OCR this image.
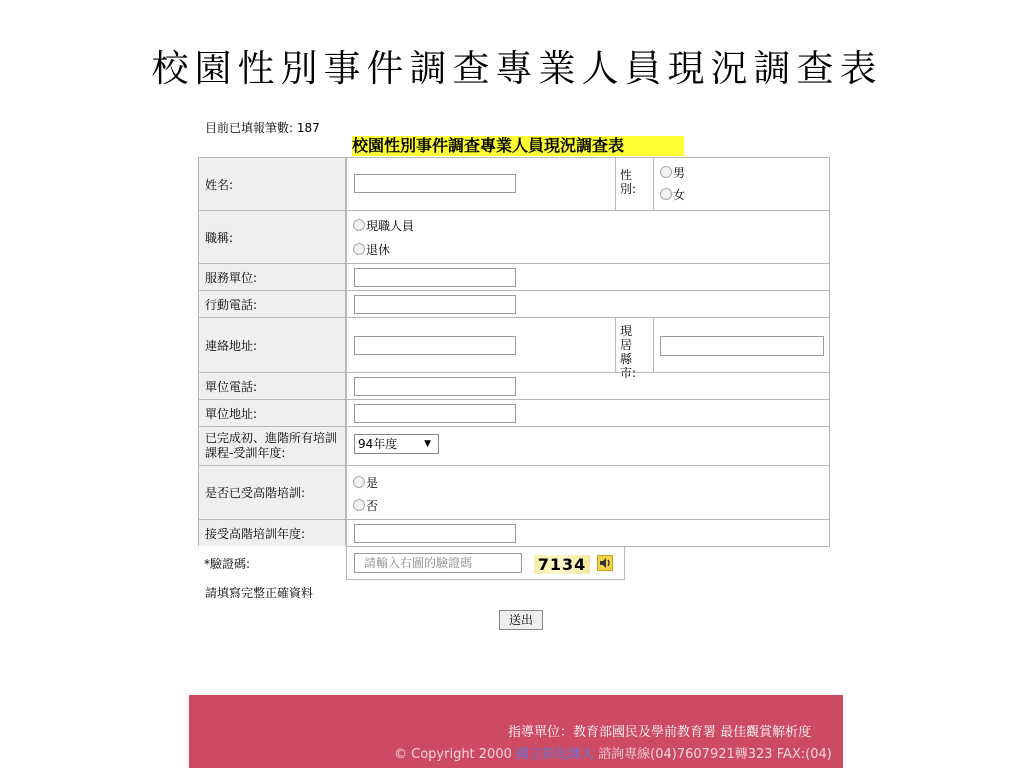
校園性別事件調查專業人員現況調查表
目前已填報筆數: 187
校園性別事件調查專業人員現況調查表
姓名:
性別:
男
女
職稱:
現職人員
退休
服務單位:
行動電話:
連絡地址:
現居縣市:
單位電話:
單位地址:
已完成初、進階所有培訓課程-受訓年度:
94年度	▼
是否已受高階培訓:
是
否
接受高階培訓年度:
*驗證碼:	請輸入右圖的驗證碼	7134
請填寫完整正確資料
送出
指導單位：教育部國民及學前教育署 最佳觀賞解析度
© Copyright 2000 國立彰化師大 諮詢專線(04)7607921轉323 FAX:(04)
